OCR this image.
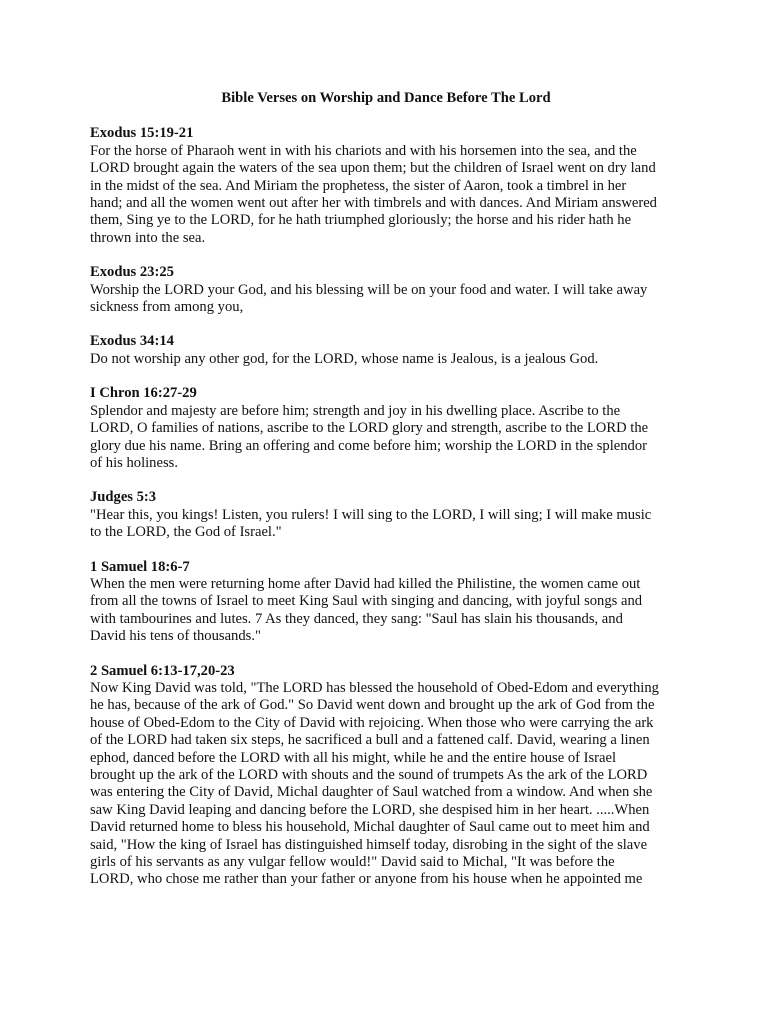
Bible Verses on Worship and Dance Before The Lord
Exodus 15:19-21
For the horse of Pharaoh went in with his chariots and with his horsemen into the sea, and the
LORD brought again the waters of the sea upon them; but the children of Israel went on dry land
in the midst of the sea. And Miriam the prophetess, the sister of Aaron, took a timbrel in her
hand; and all the women went out after her with timbrels and with dances. And Miriam answered
them, Sing ye to the LORD, for he hath triumphed gloriously; the horse and his rider hath he
thrown into the sea.
Exodus 23:25
Worship the LORD your God, and his blessing will be on your food and water. I will take away
sickness from among you,
Exodus 34:14
Do not worship any other god, for the LORD, whose name is Jealous, is a jealous God.
I Chron 16:27-29
Splendor and majesty are before him; strength and joy in his dwelling place. Ascribe to the
LORD, O families of nations, ascribe to the LORD glory and strength, ascribe to the LORD the
glory due his name. Bring an offering and come before him; worship the LORD in the splendor
of his holiness.
Judges 5:3
"Hear this, you kings! Listen, you rulers! I will sing to the LORD, I will sing; I will make music
to the LORD, the God of Israel."
1 Samuel 18:6-7
When the men were returning home after David had killed the Philistine, the women came out
from all the towns of Israel to meet King Saul with singing and dancing, with joyful songs and
with tambourines and lutes. 7 As they danced, they sang: "Saul has slain his thousands, and
David his tens of thousands."
2 Samuel 6:13-17,20-23
Now King David was told, "The LORD has blessed the household of Obed-Edom and everything
he has, because of the ark of God." So David went down and brought up the ark of God from the
house of Obed-Edom to the City of David with rejoicing. When those who were carrying the ark
of the LORD had taken six steps, he sacrificed a bull and a fattened calf. David, wearing a linen
ephod, danced before the LORD with all his might, while he and the entire house of Israel
brought up the ark of the LORD with shouts and the sound of trumpets As the ark of the LORD
was entering the City of David, Michal daughter of Saul watched from a window. And when she
saw King David leaping and dancing before the LORD, she despised him in her heart. .....When
David returned home to bless his household, Michal daughter of Saul came out to meet him and
said, "How the king of Israel has distinguished himself today, disrobing in the sight of the slave
girls of his servants as any vulgar fellow would!" David said to Michal, "It was before the
LORD, who chose me rather than your father or anyone from his house when he appointed me
